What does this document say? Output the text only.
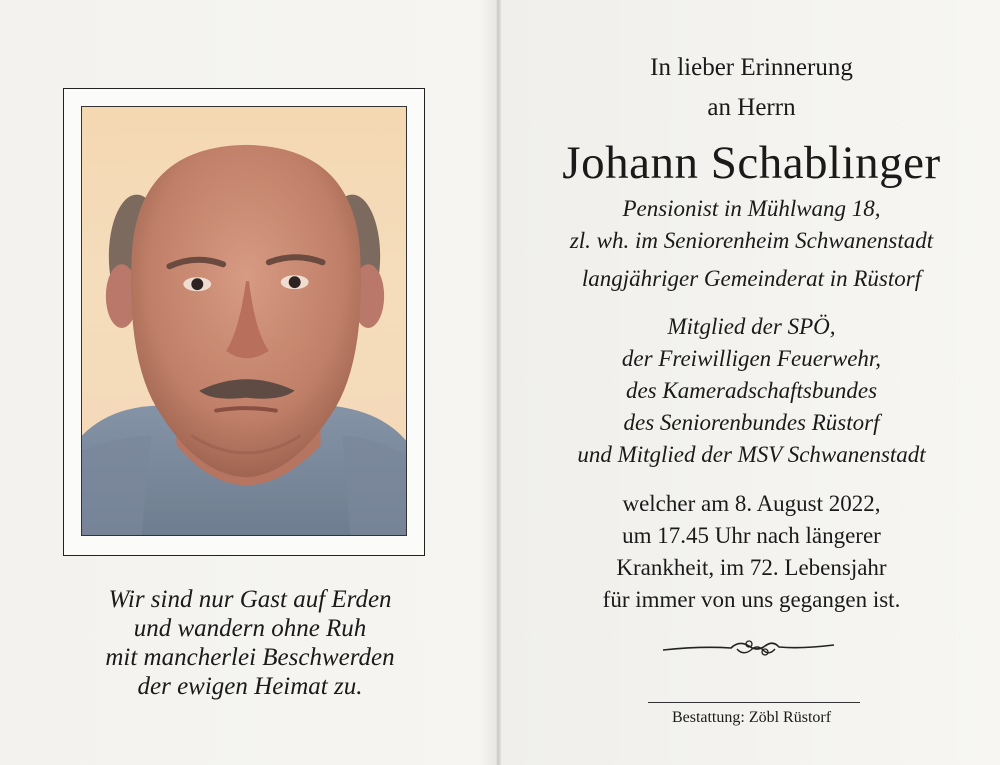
Wir sind nur Gast auf Erden
und wandern ohne Ruh
mit mancherlei Beschwerden
der ewigen Heimat zu.
In lieber Erinnerung
an Herrn
Johann Schablinger
Pensionist in Mühlwang 18,
zl. wh. im Seniorenheim Schwanenstadt
langjähriger Gemeinderat in Rüstorf
Mitglied der SPÖ,
der Freiwilligen Feuerwehr,
des Kameradschaftsbundes
des Seniorenbundes Rüstorf
und Mitglied der MSV Schwanenstadt
welcher am 8. August 2022,
um 17.45 Uhr nach längerer
Krankheit, im 72. Lebensjahr
für immer von uns gegangen ist.
Bestattung: Zöbl Rüstorf
